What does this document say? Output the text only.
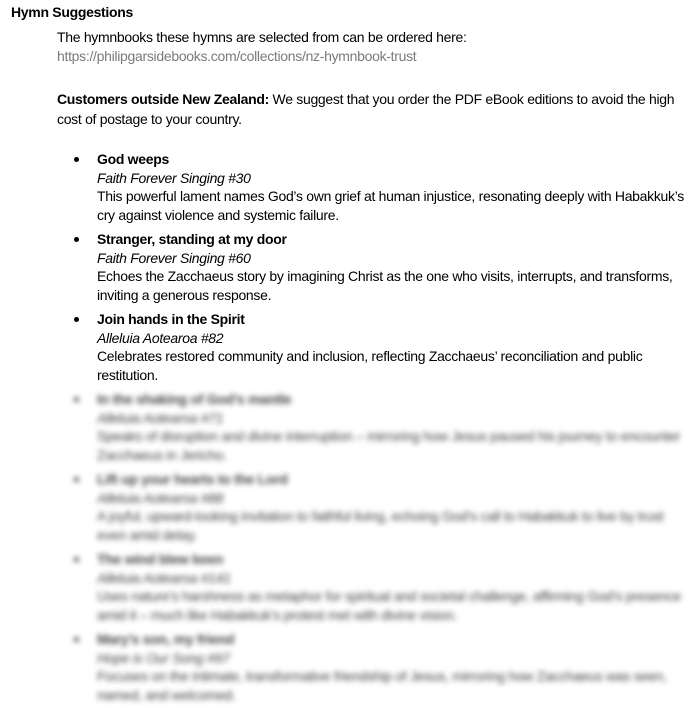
Hymn Suggestions
The hymnbooks these hymns are selected from can be ordered here:
https://philipgarsidebooks.com/collections/nz-hymnbook-trust
Customers outside New Zealand: We suggest that you order the PDF eBook editions to avoid the high cost of postage to your country.
God weeps
Faith Forever Singing #30
This powerful lament names God’s own grief at human injustice, resonating deeply with Habakkuk’s cry against violence and systemic failure.
Stranger, standing at my door
Faith Forever Singing #60
Echoes the Zacchaeus story by imagining Christ as the one who visits, interrupts, and transforms, inviting a generous response.
Join hands in the Spirit
Alleluia Aotearoa #82
Celebrates restored community and inclusion, reflecting Zacchaeus’ reconciliation and public restitution.
In the shaking of God’s mantle
Alleluia Aotearoa #71
Speaks of disruption and divine interruption – mirroring how Jesus paused his journey to encounter Zacchaeus in Jericho.
Lift up your hearts to the Lord
Alleluia Aotearoa #88
A joyful, upward-looking invitation to faithful living, echoing God’s call to Habakkuk to live by trust even amid delay.
The wind blew keen
Alleluia Aotearoa #141
Uses nature’s harshness as metaphor for spiritual and societal challenge, affirming God’s presence amid it – much like Habakkuk’s protest met with divine vision.
Mary’s son, my friend
Hope is Our Song #97
Focuses on the intimate, transformative friendship of Jesus, mirroring how Zacchaeus was seen, named, and welcomed.
